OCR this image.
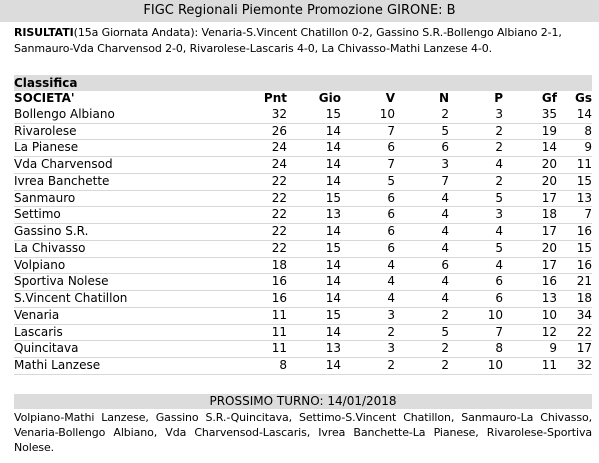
FIGC Regionali Piemonte Promozione GIRONE: B
RISULTATI(15a Giornata Andata): Venaria-S.Vincent Chatillon 0-2, Gassino S.R.-Bollengo Albiano 2-1, Sanmauro-Vda Charvensod 2-0, Rivarolese-Lascaris 4-0, La Chivasso-Mathi Lanzese 4-0.
Classifica
SOCIETA'	Pnt	Gio	V	N	P	Gf	Gs
Bollengo Albiano	32	15	10	2	3	35	14
Rivarolese	26	14	7	5	2	19	8
La Pianese	24	14	6	6	2	14	9
Vda Charvensod	24	14	7	3	4	20	11
Ivrea Banchette	22	14	5	7	2	20	15
Sanmauro	22	15	6	4	5	17	13
Settimo	22	13	6	4	3	18	7
Gassino S.R.	22	14	6	4	4	17	16
La Chivasso	22	15	6	4	5	20	15
Volpiano	18	14	4	6	4	17	16
Sportiva Nolese	16	14	4	4	6	16	21
S.Vincent Chatillon	16	14	4	4	6	13	18
Venaria	11	15	3	2	10	10	34
Lascaris	11	14	2	5	7	12	22
Quincitava	11	13	3	2	8	9	17
Mathi Lanzese	8	14	2	2	10	11	32
PROSSIMO TURNO: 14/01/2018
Volpiano-Mathi Lanzese, Gassino S.R.-Quincitava, Settimo-S.Vincent Chatillon, Sanmauro-La Chivasso, Venaria-Bollengo Albiano, Vda Charvensod-Lascaris, Ivrea Banchette-La Pianese, Rivarolese-Sportiva Nolese.
